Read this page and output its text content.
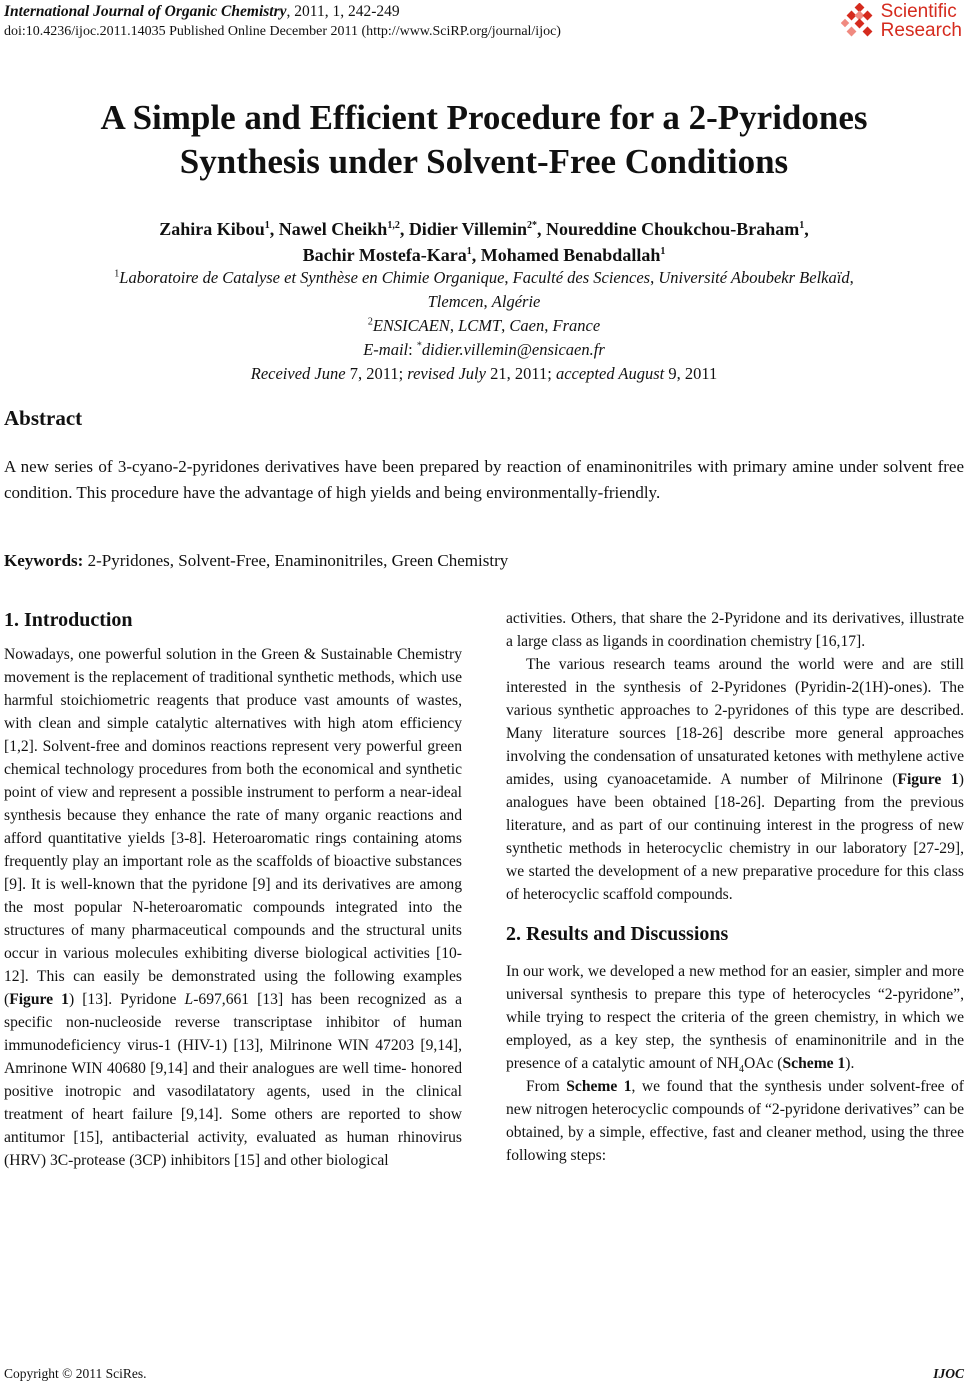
International Journal of Organic Chemistry, 2011, 1, 242-249
doi:10.4236/ijoc.2011.14035 Published Online December 2011 (http://www.SciRP.org/journal/ijoc)
Scientific
Research
A Simple and Efficient Procedure for a 2-Pyridones
Synthesis under Solvent-Free Conditions
Zahira Kibou$^1$, Nawel Cheikh$^{1,2}$, Didier Villemin$^{2*}$, Noureddine Choukchou-Braham$^1$,
Bachir Mostefa-Kara$^1$, Mohamed Benabdallah$^1$
$^1$Laboratoire de Catalyse et Synthèse en Chimie Organique, Faculté des Sciences, Université Aboubekr Belkaïd,
Tlemcen, Algérie
$^2$ENSICAEN, LCMT, Caen, France
E-mail: *didier.villemin@ensicaen.fr
Received June 7, 2011; revised July 21, 2011; accepted August 9, 2011
Abstract
A new series of 3-cyano-2-pyridones derivatives have been prepared by reaction of enaminonitriles with primary amine under solvent free condition. This procedure have the advantage of high yields and being environmentally-friendly.
Keywords: 2-Pyridones, Solvent-Free, Enaminonitriles, Green Chemistry
1. Introduction

Nowadays, one powerful solution in the Green & Sustainable Chemistry movement is the replacement of traditional synthetic methods, which use harmful stoichiometric reagents that produce vast amounts of wastes, with clean and simple catalytic alternatives with high atom efficiency [1,2]. Solvent-free and dominos reactions represent very powerful green chemical technology procedures from both the economical and synthetic point of view and represent a possible instrument to perform a near-ideal synthesis because they enhance the rate of many organic reactions and afford quantitative yields [3-8]. Heteroaromatic rings containing atoms frequently play an important role as the scaffolds of bioactive substances [9]. It is well-known that the pyridone [9] and its derivatives are among the most popular N-heteroaromatic compounds integrated into the structures of many pharmaceutical compounds and the structural units occur in various molecules exhibiting diverse biological activities [10-12]. This can easily be demonstrated using the following examples (Figure 1) [13]. Pyridone L-697,661 [13] has been recognized as a specific non-nucleoside reverse transcriptase inhibitor of human immunodeficiency virus-1 (HIV-1) [13], Milrinone WIN 47203 [9,14], Amrinone WIN 40680 [9,14] and their analogues are well time- honored positive inotropic and vasodilatatory agents, used in the clinical treatment of heart failure [9,14]. Some others are reported to show antitumor [15], antibacterial activity, evaluated as human rhinovirus (HRV) 3C-protease (3CP) inhibitors [15] and other biological

activities. Others, that share the 2-Pyridone and its derivatives, illustrate a large class as ligands in coordination chemistry [16,17].

The various research teams around the world were and are still interested in the synthesis of 2-Pyridones (Pyridin-2(1H)-ones). The various synthetic approaches to 2-pyridones of this type are described. Many literature sources [18-26] describe more general approaches involving the condensation of unsaturated ketones with methylene active amides, using cyanoacetamide. A number of Milrinone (Figure 1) analogues have been obtained [18-26]. Departing from the previous literature, and as part of our continuing interest in the progress of new synthetic methods in heterocyclic chemistry in our laboratory [27-29], we started the development of a new preparative procedure for this class of heterocyclic scaffold compounds.

2. Results and Discussions

In our work, we developed a new method for an easier, simpler and more universal synthesis to prepare this type of heterocycles “2-pyridone”, while trying to respect the criteria of the green chemistry, in which we employed, as a key step, the synthesis of enaminonitrile and in the presence of a catalytic amount of $NH_4OAc$ (Scheme 1).

From Scheme 1, we found that the synthesis under solvent-free of new nitrogen heterocyclic compounds of “2-pyridone derivatives” can be obtained, by a simple, effective, fast and cleaner method, using the three following steps:

Copyright © 2011 SciRes.	IJOC
